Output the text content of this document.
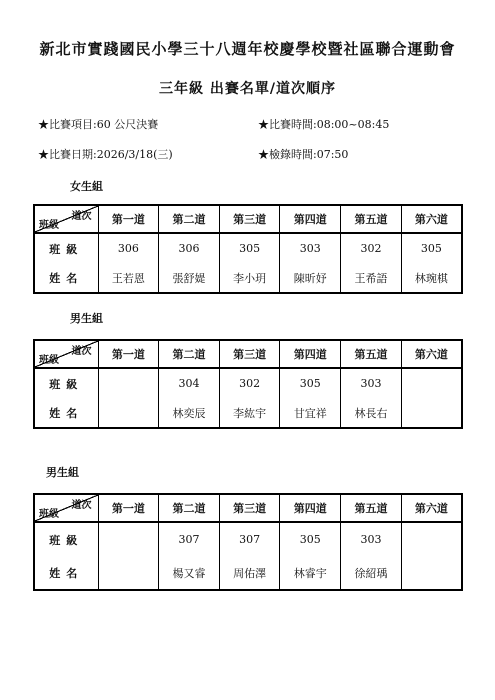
新北市實踐國民小學三十八週年校慶學校暨社區聯合運動會
三年級 出賽名單/道次順序
★比賽項目:60 公尺決賽	★比賽時間:08:00~08:45
★比賽日期:2026/3/18(三)	★檢錄時間:07:50
女生組
道次
班級	第一道	第二道	第三道	第四道	第五道	第六道
班級	306	306	305	303	302	305
姓名	王若恩	張舒媞	李小玥	陳昕妤	王希語	林琬棋
男生組
道次
班級	第一道	第二道	第三道	第四道	第五道	第六道
班級		304	302	305	303	
姓名		林奕辰	李紘宇	甘宜祥	林長右	
男生組
道次
班級	第一道	第二道	第三道	第四道	第五道	第六道
班級		307	307	305	303	
姓名		楊又睿	周佑澤	林睿宇	徐紹瑀	
